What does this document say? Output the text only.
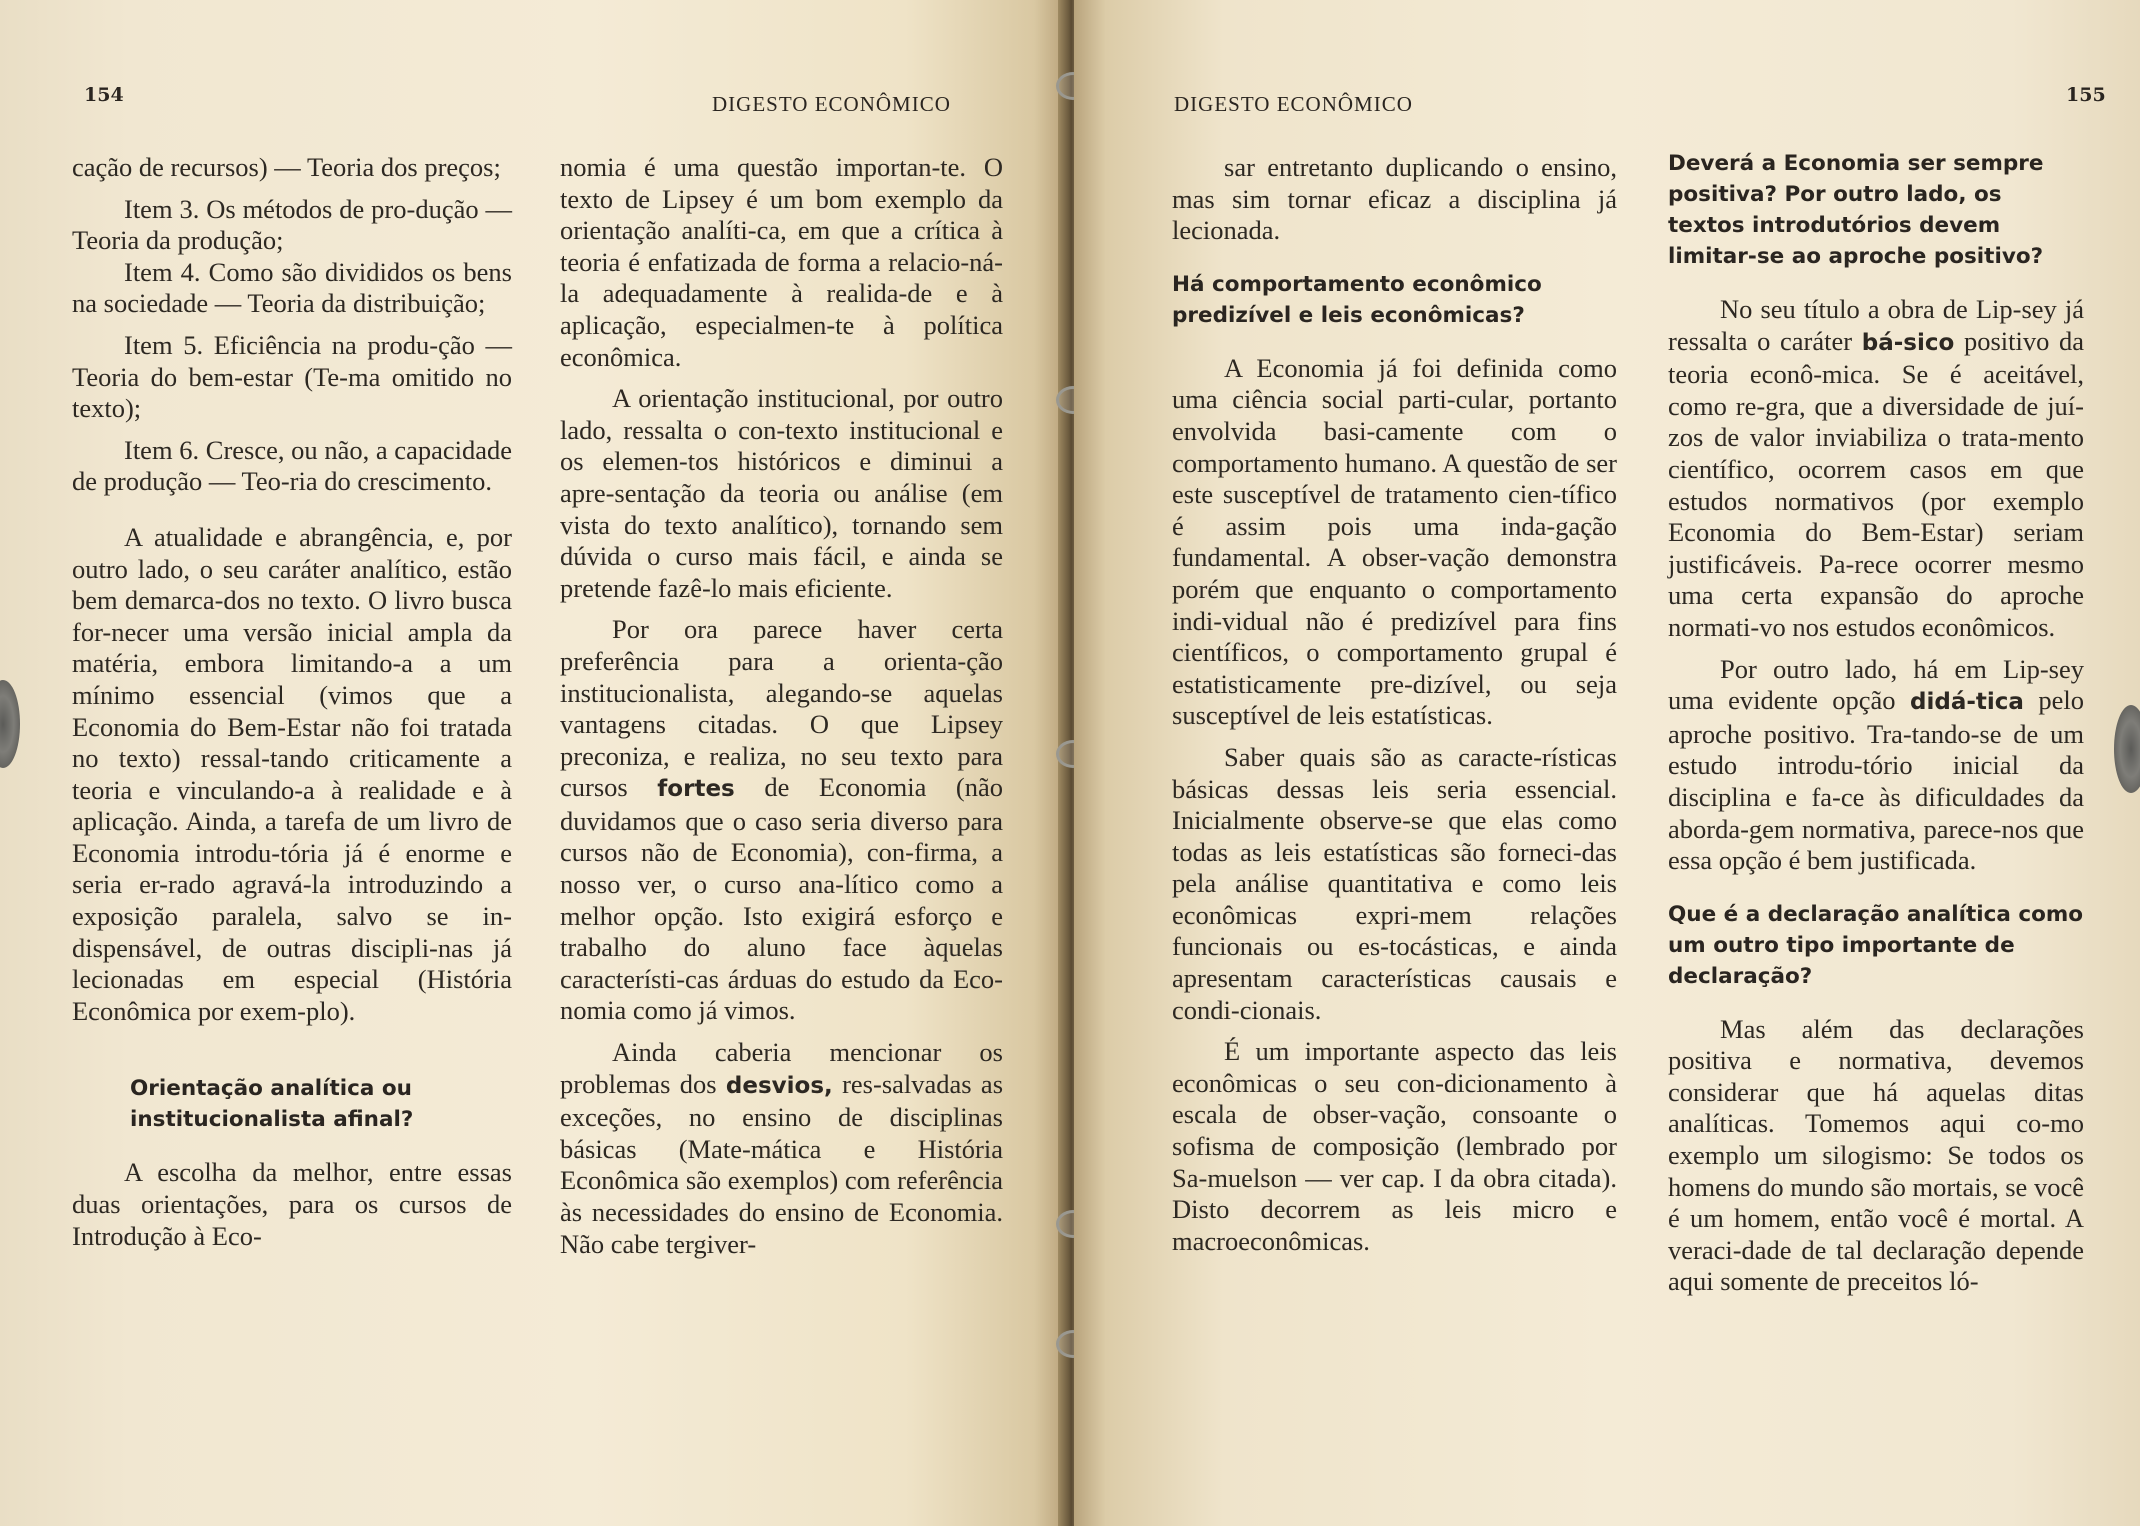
154	DIGESTO ECONÔMICO

cação de recursos) — Teoria dos preços;

Item 3. Os métodos de pro-dução — Teoria da produção;

Item 4. Como são divididos os bens na sociedade — Teoria da distribuição;

Item 5. Eficiência na produ-ção — Teoria do bem-estar (Te-ma omitido no texto);

Item 6. Cresce, ou não, a capacidade de produção — Teo-ria do crescimento.

A atualidade e abrangência, e, por outro lado, o seu caráter analítico, estão bem demarca-dos no texto. O livro busca for-necer uma versão inicial ampla da matéria, embora limitando-a a um mínimo essencial (vimos que a Economia do Bem-Estar não foi tratada no texto) ressal-tando criticamente a teoria e vinculando-a à realidade e à aplicação. Ainda, a tarefa de um livro de Economia introdu-tória já é enorme e seria er-rado agravá-la introduzindo a exposição paralela, salvo se in-dispensável, de outras discipli-nas já lecionadas em especial (História Econômica por exem-plo).

Orientação analítica ou institucionalista afinal?

A escolha da melhor, entre essas duas orientações, para os cursos de Introdução à Eco-

nomia é uma questão importan-te. O texto de Lipsey é um bom exemplo da orientação analíti-ca, em que a crítica à teoria é enfatizada de forma a relacio-ná-la adequadamente à realida-de e à aplicação, especialmen-te à política econômica.

A orientação institucional, por outro lado, ressalta o con-texto institucional e os elemen-tos históricos e diminui a apre-sentação da teoria ou análise (em vista do texto analítico), tornando sem dúvida o curso mais fácil, e ainda se pretende fazê-lo mais eficiente.

Por ora parece haver certa preferência para a orienta-ção institucionalista, alegando-se aquelas vantagens citadas. O que Lipsey preconiza, e realiza, no seu texto para cursos fortes de Economia (não duvidamos que o caso seria diverso para cursos não de Economia), con-firma, a nosso ver, o curso ana-lítico como a melhor opção. Isto exigirá esforço e trabalho do aluno face àquelas característi-cas árduas do estudo da Eco-nomia como já vimos.

Ainda caberia mencionar os problemas dos desvios, res-salvadas as exceções, no ensino de disciplinas básicas (Mate-mática e História Econômica são exemplos) com referência às necessidades do ensino de Economia. Não cabe tergiver-

DIGESTO ECONÔMICO	155

sar entretanto duplicando o ensino, mas sim tornar eficaz a disciplina já lecionada.

Há comportamento econômico predizível e leis econômicas?

A Economia já foi definida como uma ciência social parti-cular, portanto envolvida basi-camente com o comportamento humano. A questão de ser este susceptível de tratamento cien-tífico é assim pois uma inda-gação fundamental. A obser-vação demonstra porém que enquanto o comportamento indi-vidual não é predizível para fins científicos, o comportamento grupal é estatisticamente pre-dizível, ou seja susceptível de leis estatísticas.

Saber quais são as caracte-rísticas básicas dessas leis seria essencial. Inicialmente observe-se que elas como todas as leis estatísticas são forneci-das pela análise quantitativa e como leis econômicas expri-mem relações funcionais ou es-tocásticas, e ainda apresentam características causais e condi-cionais.

É um importante aspecto das leis econômicas o seu con-dicionamento à escala de obser-vação, consoante o sofisma de composição (lembrado por Sa-muelson — ver cap. I da obra citada). Disto decorrem as leis micro e macroeconômicas.

Deverá a Economia ser sempre positiva? Por outro lado, os textos introdutórios devem limitar-se ao aproche positivo?

No seu título a obra de Lip-sey já ressalta o caráter bá-sico positivo da teoria econô-mica. Se é aceitável, como re-gra, que a diversidade de juí-zos de valor inviabiliza o trata-mento científico, ocorrem casos em que estudos normativos (por exemplo Economia do Bem-Estar) seriam justificáveis. Pa-rece ocorrer mesmo uma certa expansão do aproche normati-vo nos estudos econômicos.

Por outro lado, há em Lip-sey uma evidente opção didá-tica pelo aproche positivo. Tra-tando-se de um estudo introdu-tório inicial da disciplina e fa-ce às dificuldades da aborda-gem normativa, parece-nos que essa opção é bem justificada.

Que é a declaração analítica como um outro tipo importante de declaração?

Mas além das declarações positiva e normativa, devemos considerar que há aquelas ditas analíticas. Tomemos aqui co-mo exemplo um silogismo: Se todos os homens do mundo são mortais, se você é um homem, então você é mortal. A veraci-dade de tal declaração depende aqui somente de preceitos ló-
